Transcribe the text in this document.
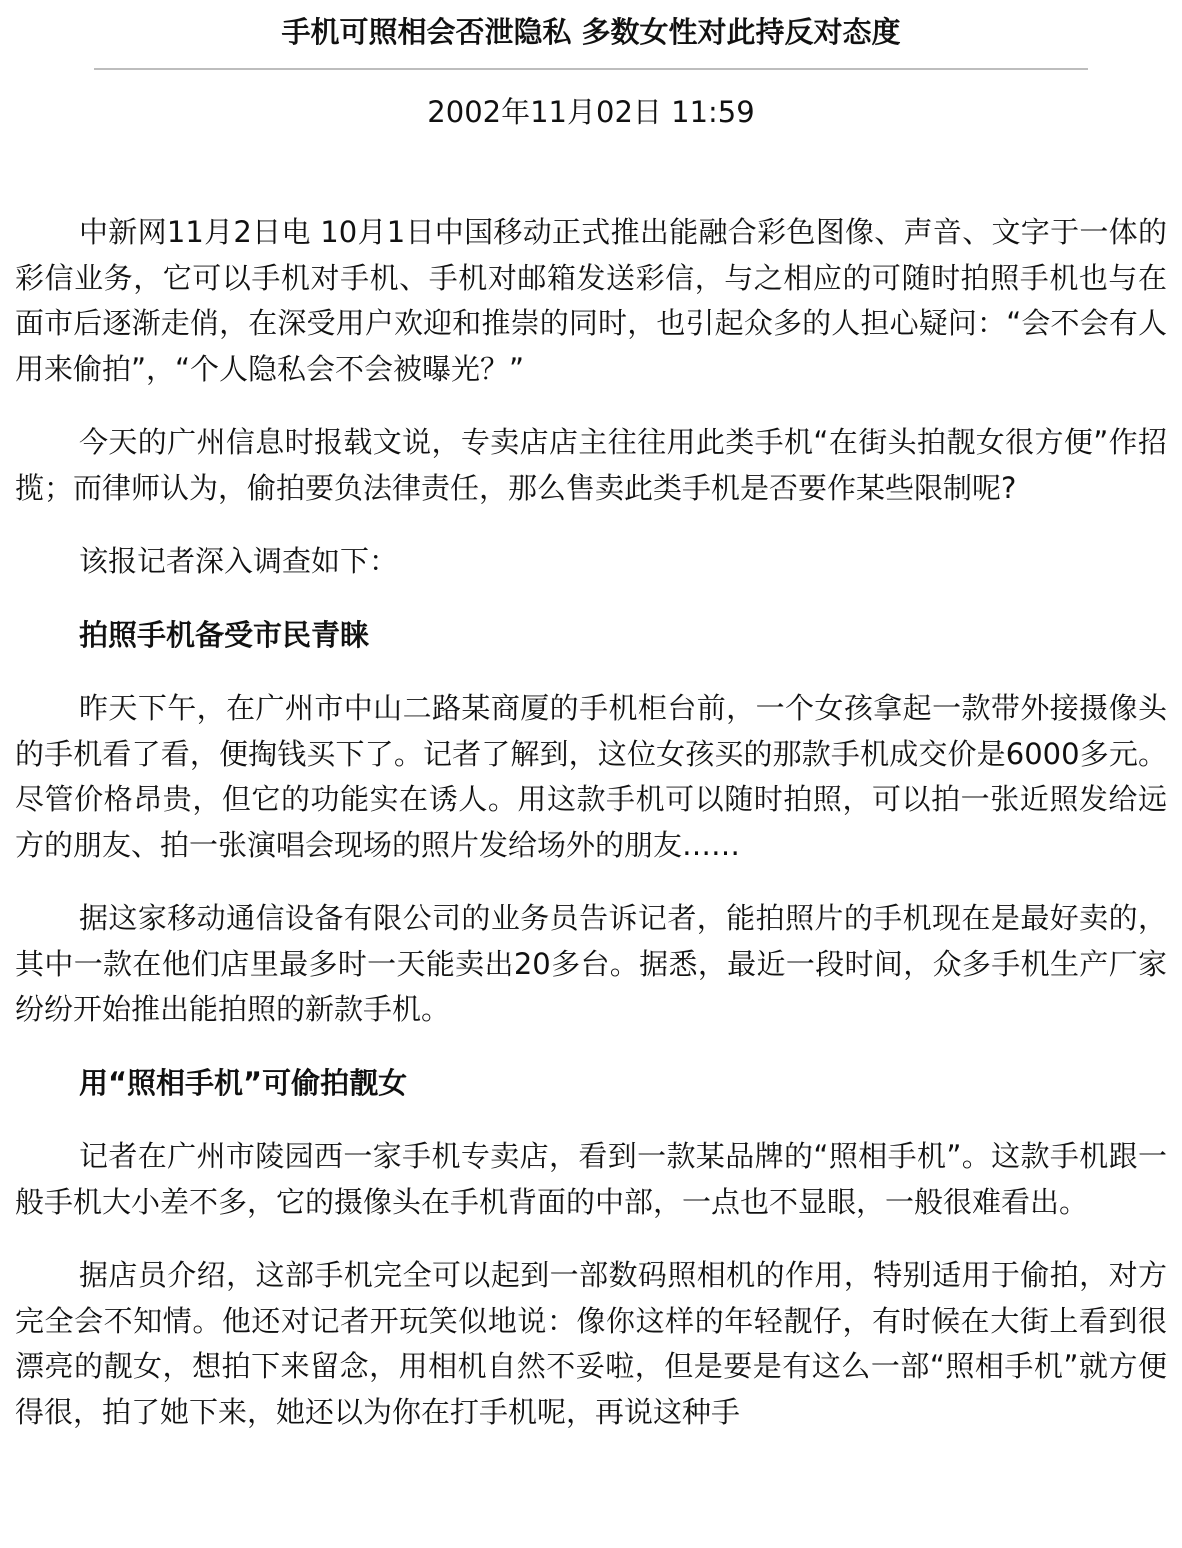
手机可照相会否泄隐私 多数女性对此持反对态度
2002年11月02日 11:59

中新网11月2日电 10月1日中国移动正式推出能融合彩色图像、声音、文字于一体的彩信业务，它可以手机对手机、手机对邮箱发送彩信，与之相应的可随时拍照手机也与在面市后逐渐走俏，在深受用户欢迎和推崇的同时，也引起众多的人担心疑问：“会不会有人用来偷拍”，“个人隐私会不会被曝光？”

今天的广州信息时报载文说，专卖店店主往往用此类手机“在街头拍靓女很方便”作招揽；而律师认为，偷拍要负法律责任，那么售卖此类手机是否要作某些限制呢?

该报记者深入调查如下：

拍照手机备受市民青睐

昨天下午，在广州市中山二路某商厦的手机柜台前，一个女孩拿起一款带外接摄像头的手机看了看，便掏钱买下了。记者了解到，这位女孩买的那款手机成交价是6000多元。尽管价格昂贵，但它的功能实在诱人。用这款手机可以随时拍照，可以拍一张近照发给远方的朋友、拍一张演唱会现场的照片发给场外的朋友……

据这家移动通信设备有限公司的业务员告诉记者，能拍照片的手机现在是最好卖的，其中一款在他们店里最多时一天能卖出20多台。据悉，最近一段时间，众多手机生产厂家纷纷开始推出能拍照的新款手机。

用“照相手机”可偷拍靓女

记者在广州市陵园西一家手机专卖店，看到一款某品牌的“照相手机”。这款手机跟一般手机大小差不多，它的摄像头在手机背面的中部，一点也不显眼，一般很难看出。

据店员介绍，这部手机完全可以起到一部数码照相机的作用，特别适用于偷拍，对方完全会不知情。他还对记者开玩笑似地说：像你这样的年轻靓仔，有时候在大街上看到很漂亮的靓女，想拍下来留念，用相机自然不妥啦，但是要是有这么一部“照相手机”就方便得很，拍了她下来，她还以为你在打手机呢，再说这种手
